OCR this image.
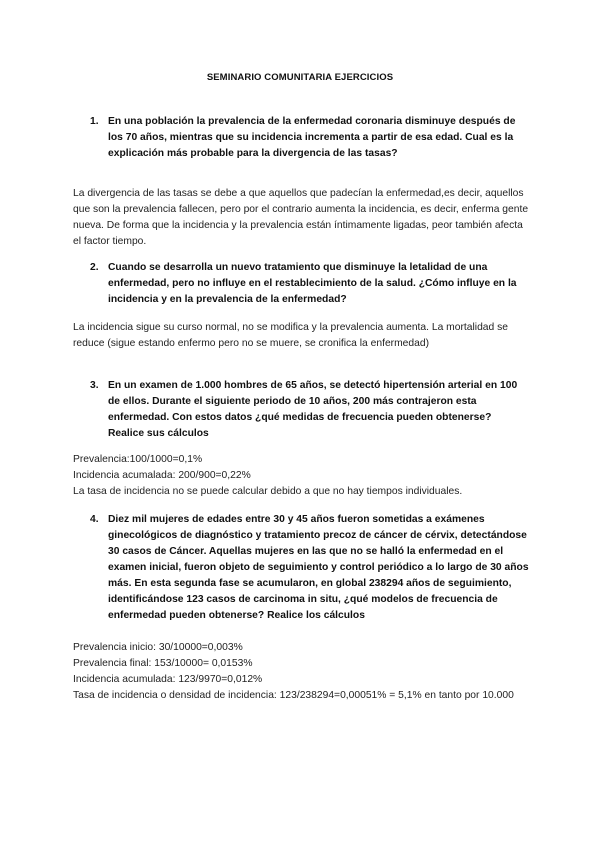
SEMINARIO COMUNITARIA EJERCICIOS
1. En una población la prevalencia de la enfermedad coronaria disminuye después de los 70 años, mientras que su incidencia incrementa a partir de esa edad. Cual es la explicación más probable para la divergencia de las tasas?

La divergencia de las tasas se debe a que aquellos que padecían la enfermedad,es decir, aquellos que son la prevalencia fallecen, pero por el contrario aumenta la incidencia, es decir, enferma gente nueva. De forma que la incidencia y la prevalencia están íntimamente ligadas, peor también afecta el factor tiempo.

2. Cuando se desarrolla un nuevo tratamiento que disminuye la letalidad de una enfermedad, pero no influye en el restablecimiento de la salud. ¿Cómo influye en la incidencia y en la prevalencia de la enfermedad?

La incidencia sigue su curso normal, no se modifica y la prevalencia aumenta. La mortalidad se reduce (sigue estando enfermo pero no se muere, se cronifica la enfermedad)

3. En un examen de 1.000 hombres de 65 años, se detectó hipertensión arterial en 100 de ellos. Durante el siguiente periodo de 10 años, 200 más contrajeron esta enfermedad. Con estos datos ¿qué medidas de frecuencia pueden obtenerse? Realice sus cálculos
Prevalencia:100/1000=0,1%
Incidencia acumalada: 200/900=0,22%
La tasa de incidencia no se puede calcular debido a que no hay tiempos individuales.
4. Diez mil mujeres de edades entre 30 y 45 años fueron sometidas a exámenes ginecológicos de diagnóstico y tratamiento precoz de cáncer de cérvix, detectándose 30 casos de Cáncer. Aquellas mujeres en las que no se halló la enfermedad en el examen inicial, fueron objeto de seguimiento y control periódico a lo largo de 30 años más. En esta segunda fase se acumularon, en global 238294 años de seguimiento, identificándose 123 casos de carcinoma in situ, ¿qué modelos de frecuencia de enfermedad pueden obtenerse? Realice los cálculos
Prevalencia inicio: 30/10000=0,003%
Prevalencia final: 153/10000= 0,0153%
Incidencia acumulada: 123/9970=0,012%
Tasa de incidencia o densidad de incidencia: 123/238294=0,00051% = 5,1% en tanto por 10.000
